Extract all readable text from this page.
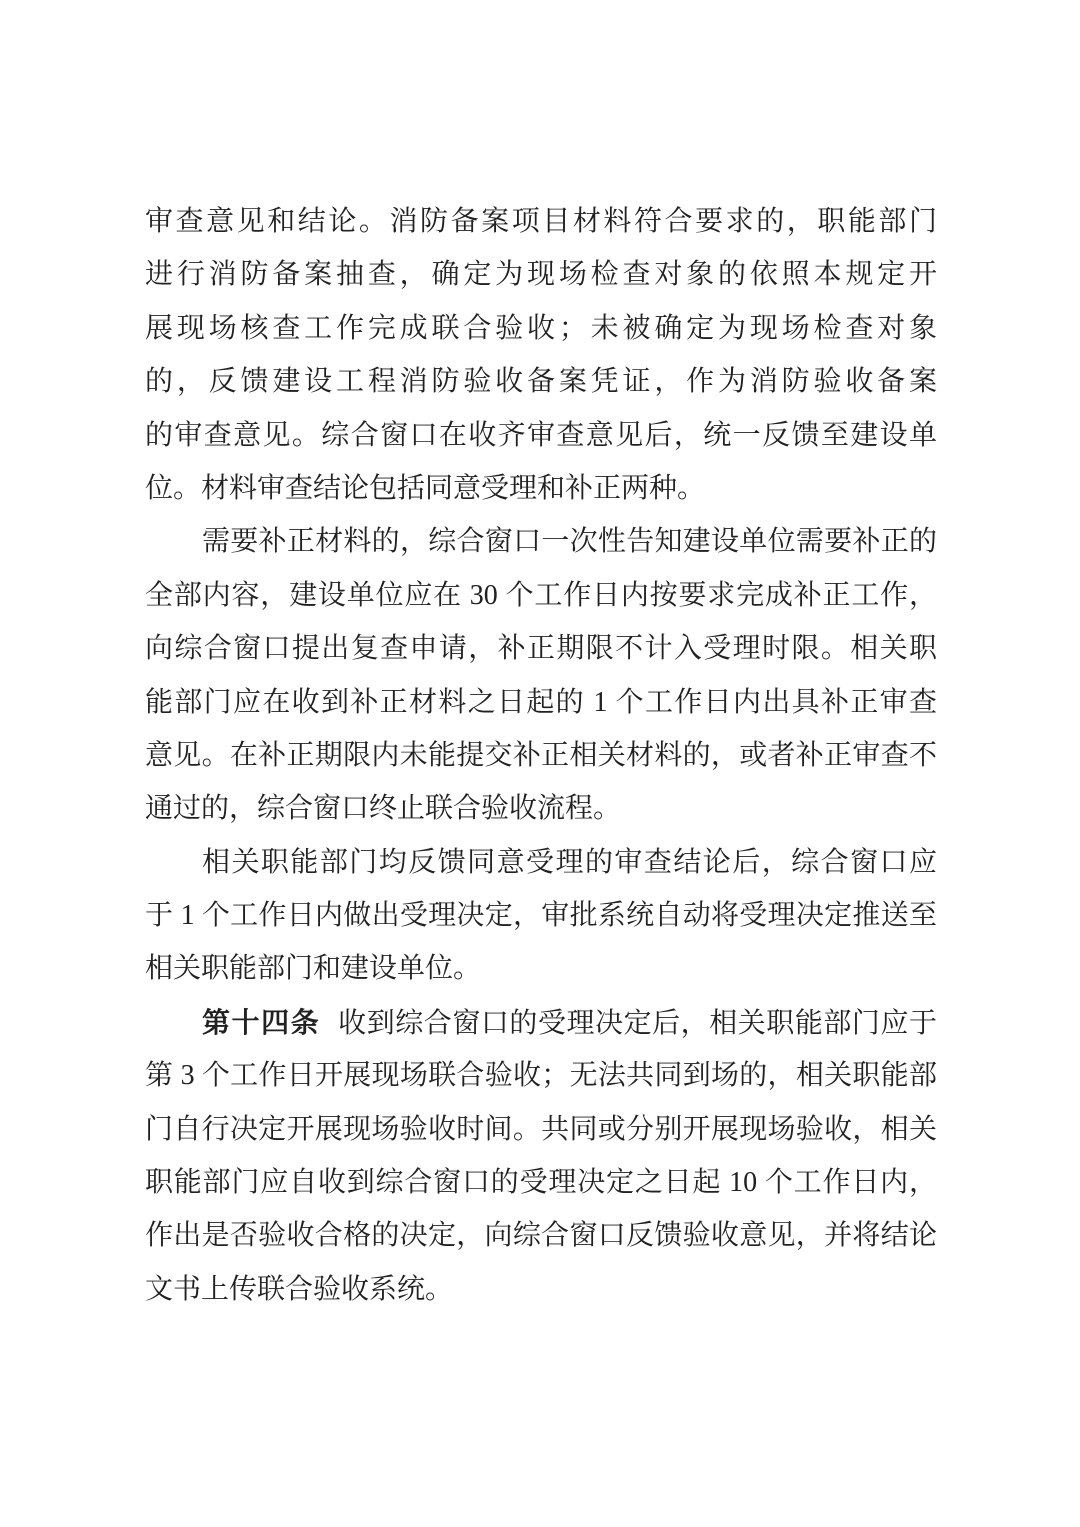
审查意见和结论。消防备案项目材料符合要求的，职能部门
进行消防备案抽查，确定为现场检查对象的依照本规定开
展现场核查工作完成联合验收；未被确定为现场检查对象
的，反馈建设工程消防验收备案凭证，作为消防验收备案
的审查意见。综合窗口在收齐审查意见后，统一反馈至建设单
位。材料审查结论包括同意受理和补正两种。
需要补正材料的，综合窗口一次性告知建设单位需要补正的
全部内容，建设单位应在 30 个工作日内按要求完成补正工作，
向综合窗口提出复查申请，补正期限不计入受理时限。相关职
能部门应在收到补正材料之日起的 1 个工作日内出具补正审查
意见。在补正期限内未能提交补正相关材料的，或者补正审查不
通过的，综合窗口终止联合验收流程。
相关职能部门均反馈同意受理的审查结论后，综合窗口应
于 1 个工作日内做出受理决定，审批系统自动将受理决定推送至
相关职能部门和建设单位。
第十四条 收到综合窗口的受理决定后，相关职能部门应于
第 3 个工作日开展现场联合验收；无法共同到场的，相关职能部
门自行决定开展现场验收时间。共同或分别开展现场验收，相关
职能部门应自收到综合窗口的受理决定之日起 10 个工作日内，
作出是否验收合格的决定，向综合窗口反馈验收意见，并将结论
文书上传联合验收系统。
